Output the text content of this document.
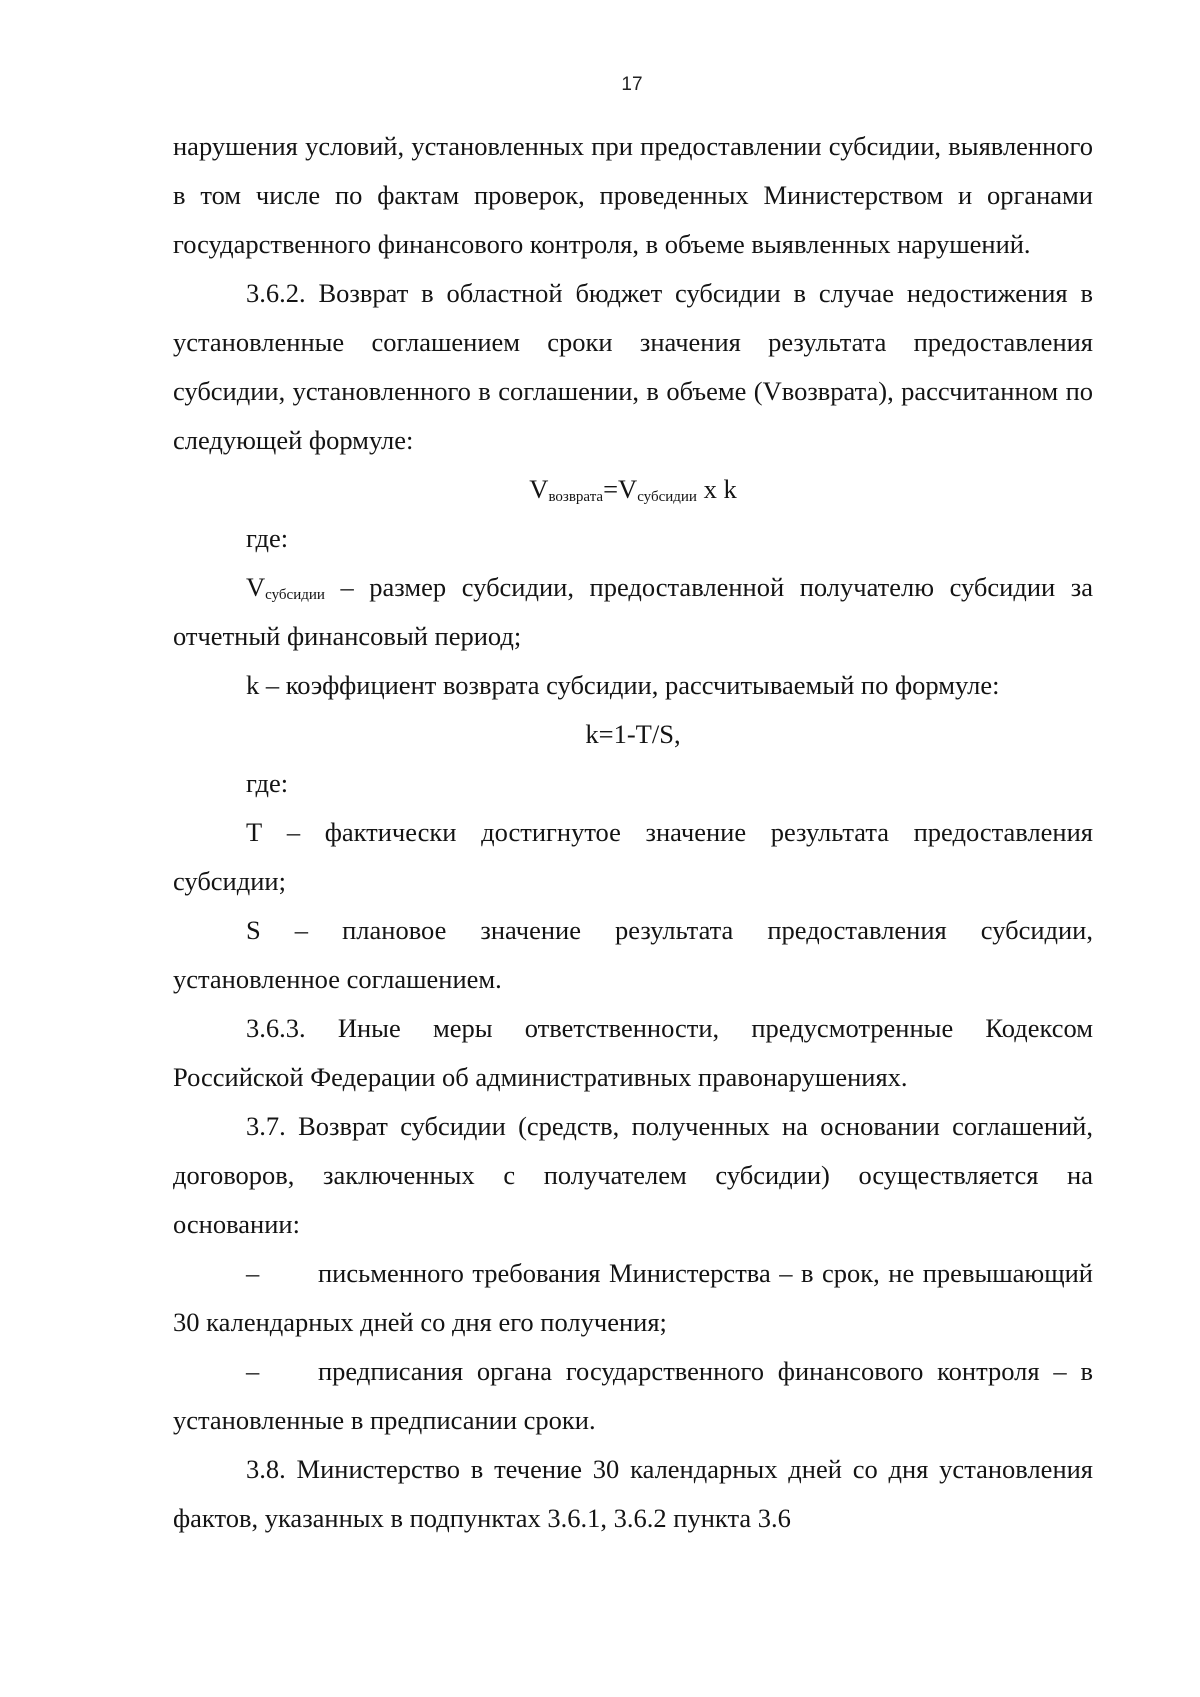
17

нарушения условий, установленных при предоставлении субсидии, выявленного в том числе по фактам проверок, проведенных Министерством и органами государственного финансового контроля, в объеме выявленных нарушений.

3.6.2. Возврат в областной бюджет субсидии в случае недостижения в установленные соглашением сроки значения результата предоставления субсидии, установленного в соглашении, в объеме (Vвозврата), рассчитанном по следующей формуле:

$V_{возврата}=V_{субсидии}$ x k

где:

$V_{субсидии}$ – размер субсидии, предоставленной получателю субсидии за отчетный финансовый период;

k – коэффициент возврата субсидии, рассчитываемый по формуле:

k=1-T/S,

где:

Т – фактически достигнутое значение результата предоставления субсидии;

S – плановое значение результата предоставления субсидии, установленное соглашением.

3.6.3. Иные меры ответственности, предусмотренные Кодексом Российской Федерации об административных правонарушениях.

3.7. Возврат субсидии (средств, полученных на основании соглашений, договоров, заключенных с получателем субсидии) осуществляется на основании:

– письменного требования Министерства – в срок, не превышающий 30 календарных дней со дня его получения;

– предписания органа государственного финансового контроля – в установленные в предписании сроки.

3.8. Министерство в течение 30 календарных дней со дня установления фактов, указанных в подпунктах 3.6.1, 3.6.2 пункта 3.6
